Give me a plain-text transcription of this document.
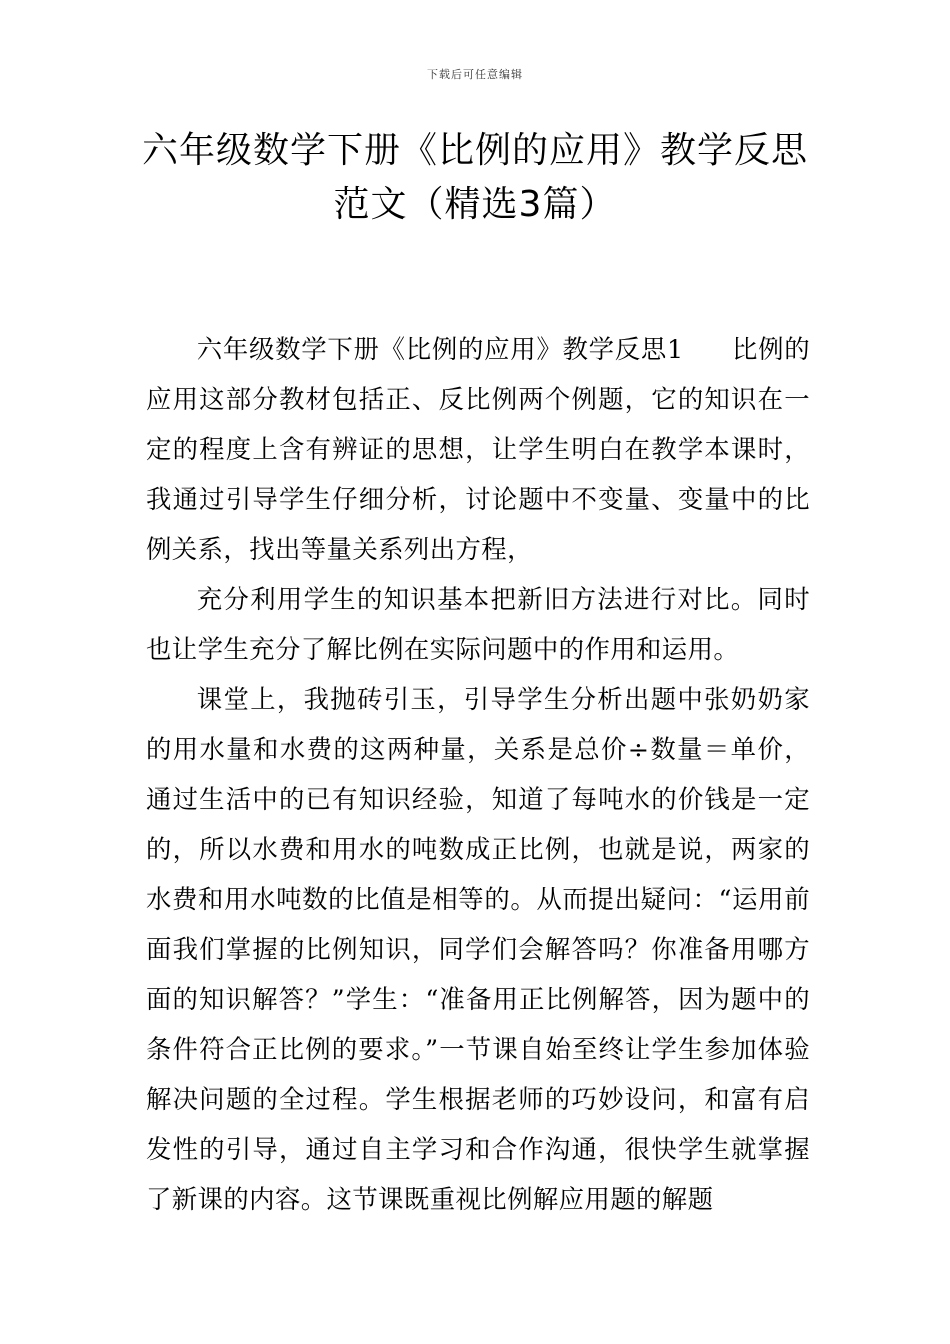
下载后可任意编辑
六年级数学下册《比例的应用》教学反思
范文（精选3篇）

六年级数学下册《比例的应用》教学反思1 比例的应用这部分教材包括正、反比例两个例题，它的知识在一定的程度上含有辨证的思想，让学生明白在教学本课时，我通过引导学生仔细分析，讨论题中不变量、变量中的比例关系，找出等量关系列出方程，

充分利用学生的知识基本把新旧方法进行对比。同时也让学生充分了解比例在实际问题中的作用和运用。

课堂上，我抛砖引玉，引导学生分析出题中张奶奶家的用水量和水费的这两种量，关系是总价÷数量＝单价，通过生活中的已有知识经验，知道了每吨水的价钱是一定的，所以水费和用水的吨数成正比例，也就是说，两家的水费和用水吨数的比值是相等的。从而提出疑问：“运用前面我们掌握的比例知识，同学们会解答吗？你准备用哪方面的知识解答？”学生：“准备用正比例解答，因为题中的条件符合正比例的要求。”一节课自始至终让学生参加体验解决问题的全过程。学生根据老师的巧妙设问，和富有启发性的引导，通过自主学习和合作沟通，很快学生就掌握了新课的内容。这节课既重视比例解应用题的解题
